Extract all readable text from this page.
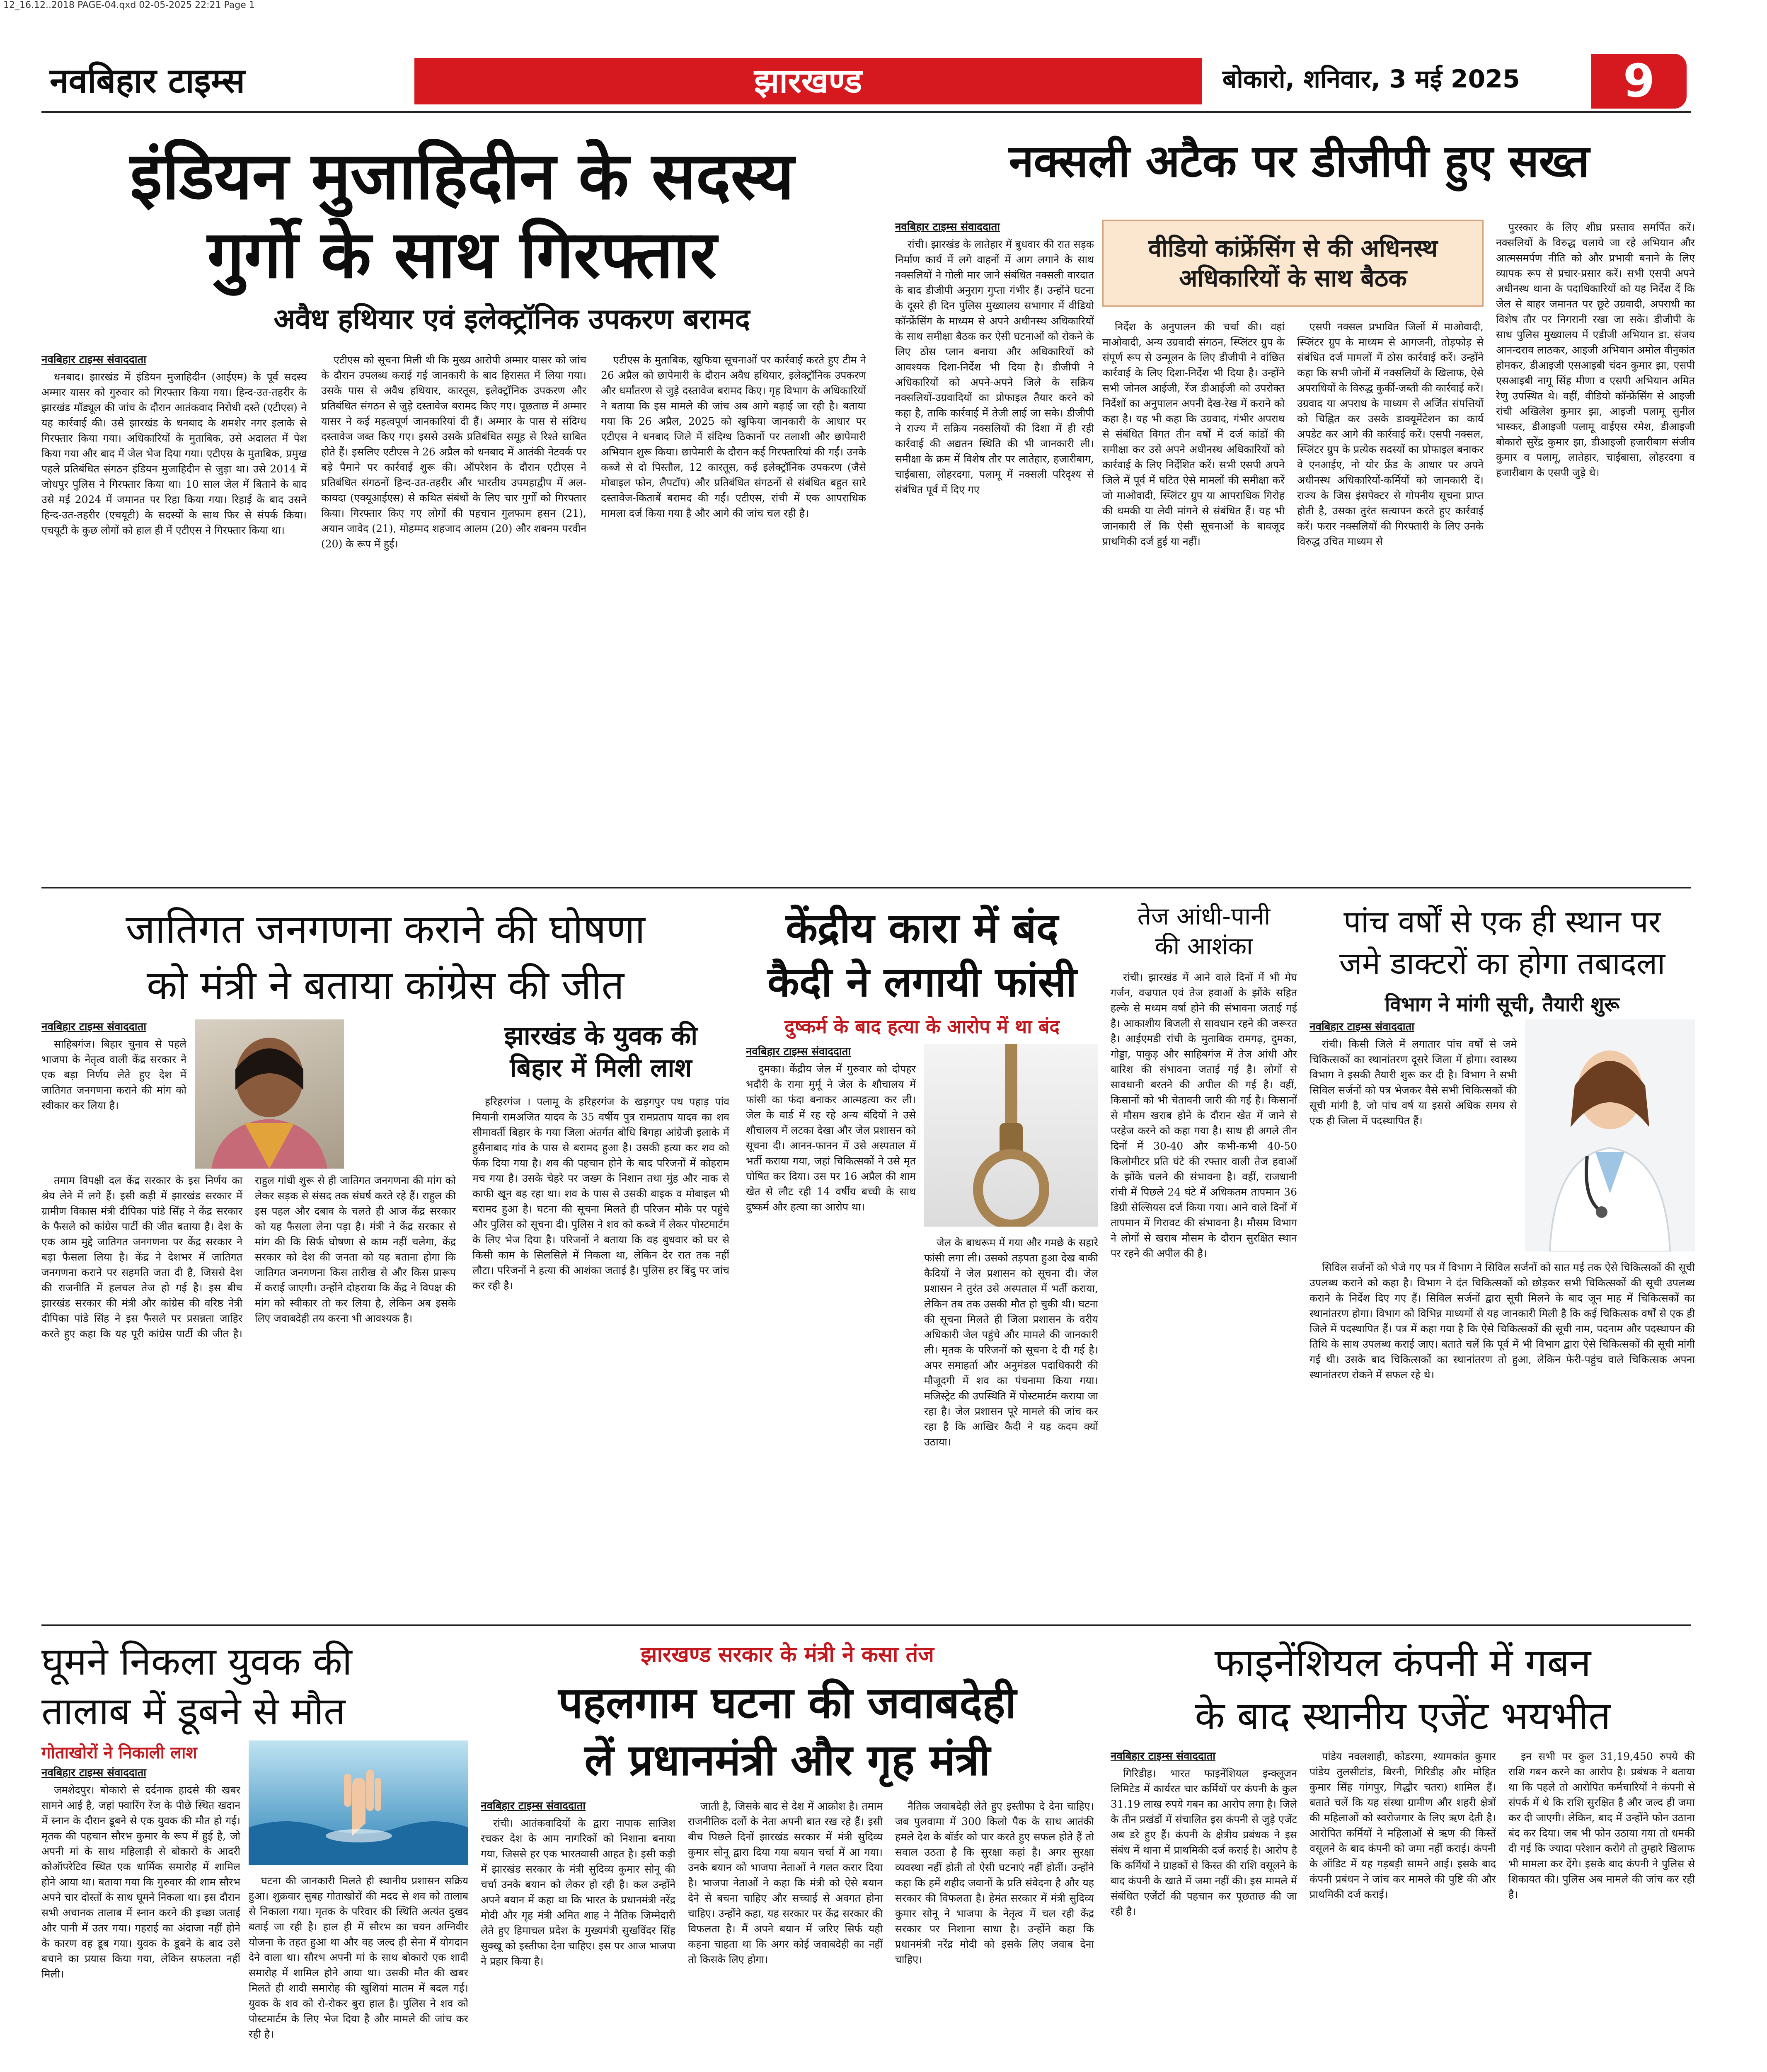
12_16.12..2018 PAGE-04.qxd 02-05-2025 22:21 Page 1
नवबिहार टाइम्स	झारखण्ड	बोकारो, शनिवार, 3 मई 2025 9
इंडियन मुजाहिदीन के सदस्य
गुर्गो के साथ गिरफ्तार
अवैध हथियार एवं इलेक्ट्रॉनिक उपकरण बरामद
नवबिहार टाइम्स संवाददाता

धनबाद। झारखंड में इंडियन मुजाहिदीन (आईएम) के पूर्व सदस्य अम्मार यासर को गुरुवार को गिरफ्तार किया गया। हिन्द-उत-तहरीर के झारखंड मॉड्यूल की जांच के दौरान आतंकवाद निरोधी दस्ते (एटीएस) ने यह कार्रवाई की। उसे झारखंड के धनबाद के शमशेर नगर इलाके से गिरफ्तार किया गया। अधिकारियों के मुताबिक, उसे अदालत में पेश किया गया और बाद में जेल भेज दिया गया। एटीएस के मुताबिक, प्रमुख पहले प्रतिबंधित संगठन इंडियन मुजाहिदीन से जुड़ा था। उसे 2014 में जोधपुर पुलिस ने गिरफ्तार किया था। 10 साल जेल में बिताने के बाद उसे मई 2024 में जमानत पर रिहा किया गया। रिहाई के बाद उसने हिन्द-उत-तहरीर (एचयूटी) के सदस्यों के साथ फिर से संपर्क किया। एचयूटी के कुछ लोगों को हाल ही में एटीएस ने गिरफ्तार किया था।

एटीएस को सूचना मिली थी कि मुख्य आरोपी अम्मार यासर को जांच के दौरान उपलब्ध कराई गई जानकारी के बाद हिरासत में लिया गया। उसके पास से अवैध हथियार, कारतूस, इलेक्ट्रॉनिक उपकरण और प्रतिबंधित संगठन से जुड़े दस्तावेज बरामद किए गए। पूछताछ में अम्मार यासर ने कई महत्वपूर्ण जानकारियां दी हैं। अम्मार के पास से संदिग्ध दस्तावेज जब्त किए गए। इससे उसके प्रतिबंधित समूह से रिश्ते साबित होते हैं। इसलिए एटीएस ने 26 अप्रैल को धनबाद में आतंकी नेटवर्क पर बड़े पैमाने पर कार्रवाई शुरू की। ऑपरेशन के दौरान एटीएस ने प्रतिबंधित संगठनों हिन्द-उत-तहरीर और भारतीय उपमहाद्वीप में अल-कायदा (एक्यूआईएस) से कथित संबंधों के लिए चार गुर्गों को गिरफ्तार किया। गिरफ्तार किए गए लोगों की पहचान गुलफाम हसन (21), अयान जावेद (21), मोहम्मद शहजाद आलम (20) और शबनम परवीन (20) के रूप में हुई।

एटीएस के मुताबिक, खुफिया सूचनाओं पर कार्रवाई करते हुए टीम ने 26 अप्रैल को छापेमारी के दौरान अवैध हथियार, इलेक्ट्रॉनिक उपकरण और धर्मांतरण से जुड़े दस्तावेज बरामद किए। गृह विभाग के अधिकारियों ने बताया कि इस मामले की जांच अब आगे बढ़ाई जा रही है। बताया गया कि 26 अप्रैल, 2025 को खुफिया जानकारी के आधार पर एटीएस ने धनबाद जिले में संदिग्ध ठिकानों पर तलाशी और छापेमारी अभियान शुरू किया। छापेमारी के दौरान कई गिरफ्तारियां की गईं। उनके कब्जे से दो पिस्तौल, 12 कारतूस, कई इलेक्ट्रॉनिक उपकरण (जैसे मोबाइल फोन, लैपटॉप) और प्रतिबंधित संगठनों से संबंधित बहुत सारे दस्तावेज-किताबें बरामद की गईं। एटीएस, रांची में एक आपराधिक मामला दर्ज किया गया है और आगे की जांच चल रही है।

नक्सली अटैक पर डीजीपी हुए सख्त
नवबिहार टाइम्स संवाददाता

रांची। झारखंड के लातेहार में बुधवार की रात सड़क निर्माण कार्य में लगे वाहनों में आग लगाने के साथ नक्सलियों ने गोली मार जाने संबंधित नक्सली वारदात के बाद डीजीपी अनुराग गुप्ता गंभीर हैं। उन्होंने घटना के दूसरे ही दिन पुलिस मुख्यालय सभागार में वीडियो कॉन्फ्रेंसिंग के माध्यम से अपने अधीनस्थ अधिकारियों के साथ समीक्षा बैठक कर ऐसी घटनाओं को रोकने के लिए ठोस प्लान बनाया और अधिकारियों को आवश्यक दिशा-निर्देश भी दिया है। डीजीपी ने अधिकारियों को अपने-अपने जिले के सक्रिय नक्सलियों-उग्रवादियों का प्रोफाइल तैयार करने को कहा है, ताकि कार्रवाई में तेजी लाई जा सके। डीजीपी ने राज्य में सक्रिय नक्सलियों की दिशा में ही रही कार्रवाई की अद्यतन स्थिति की भी जानकारी ली। समीक्षा के क्रम में विशेष तौर पर लातेहार, हजारीबाग, चाईबासा, लोहरदगा, पलामू में नक्सली परिदृश्य से संबंधित पूर्व में दिए गए

वीडियो कांफ्रेंसिंग से की अधिनस्थ अधिकारियों के साथ बैठक

निर्देश के अनुपालन की चर्चा की। वहां माओवादी, अन्य उग्रवादी संगठन, स्प्लिंटर ग्रुप के संपूर्ण रूप से उन्मूलन के लिए डीजीपी ने वांछित कार्रवाई के लिए दिशा-निर्देश भी दिया है। उन्होंने सभी जोनल आईजी, रेंज डीआईजी को उपरोक्त निर्देशों का अनुपालन अपनी देख-रेख में कराने को कहा है। यह भी कहा कि उग्रवाद, गंभीर अपराध से संबंधित विगत तीन वर्षों में दर्ज कांडों की समीक्षा कर उसे अपने अधीनस्थ अधिकारियों को कार्रवाई के लिए निर्देशित करें। सभी एसपी अपने जिले में पूर्व में घटित ऐसे मामलों की समीक्षा करें जो माओवादी, स्प्लिंटर ग्रुप या आपराधिक गिरोह की धमकी या लेवी मांगने से संबंधित हैं। यह भी जानकारी लें कि ऐसी सूचनाओं के बावजूद प्राथमिकी दर्ज हुई या नहीं।

एसपी नक्सल प्रभावित जिलों में माओवादी, स्प्लिंटर ग्रुप के माध्यम से आगजनी, तोड़फोड़ से संबंधित दर्ज मामलों में ठोस कार्रवाई करें। उन्होंने कहा कि सभी जोनों में नक्सलियों के खिलाफ, ऐसे अपराधियों के विरुद्ध कुर्की-जब्ती की कार्रवाई करें। उग्रवाद या अपराध के माध्यम से अर्जित संपत्तियों को चिह्नित कर उसके डाक्यूमेंटेशन का कार्य अपडेट कर आगे की कार्रवाई करें। एसपी नक्सल, स्प्लिंटर ग्रुप के प्रत्येक सदस्यों का प्रोफाइल बनाकर वे एनआईए, नो योर फ्रेंड के आधार पर अपने अधीनस्थ अधिकारियों-कर्मियों को जानकारी दें। राज्य के जिस इंसपेक्टर से गोपनीय सूचना प्राप्त होती है, उसका तुरंत सत्यापन करते हुए कार्रवाई करें। फरार नक्सलियों की गिरफ्तारी के लिए उनके विरुद्ध उचित माध्यम से

पुरस्कार के लिए शीघ्र प्रस्ताव समर्पित करें। नक्सलियों के विरुद्ध चलाये जा रहे अभियान और आत्मसमर्पण नीति को और प्रभावी बनाने के लिए व्यापक रूप से प्रचार-प्रसार करें। सभी एसपी अपने अधीनस्थ थाना के पदाधिकारियों को यह निर्देश दें कि जेल से बाहर जमानत पर छूटे उग्रवादी, अपराधी का विशेष तौर पर निगरानी रखा जा सके। डीजीपी के साथ पुलिस मुख्यालय में एडीजी अभियान डा. संजय आनन्दराव लाठकर, आइजी अभियान अमोल वीनुकांत होमकर, डीआइजी एसआइबी चंदन कुमार झा, एसपी एसआइबी नागू सिंह मीणा व एसपी अभियान अमित रेणु उपस्थित थे। वहीं, वीडियो कॉन्फ्रेंसिंग से आइजी रांची अखिलेश कुमार झा, आइजी पलामू सुनील भास्कर, डीआइजी पलामू वाईएस रमेश, डीआइजी बोकारो सुरेंद्र कुमार झा, डीआइजी हजारीबाग संजीव कुमार व पलामू, लातेहार, चाईबासा, लोहरदगा व हजारीबाग के एसपी जुड़े थे।

जातिगत जनगणना कराने की घोषणा
को मंत्री ने बताया कांग्रेस की जीत
नवबिहार टाइम्स संवाददाता

साहिबगंज। बिहार चुनाव से पहले भाजपा के नेतृत्व वाली केंद्र सरकार ने एक बड़ा निर्णय लेते हुए देश में जातिगत जनगणना कराने की मांग को स्वीकार कर लिया है।

तमाम विपक्षी दल केंद्र सरकार के इस निर्णय का श्रेय लेने में लगे हैं। इसी कड़ी में झारखंड सरकार में ग्रामीण विकास मंत्री दीपिका पांडे सिंह ने केंद्र सरकार के फैसले को कांग्रेस पार्टी की जीत बताया है। देश के एक आम मुद्दे जातिगत जनगणना पर केंद्र सरकार ने बड़ा फैसला लिया है। केंद्र ने देशभर में जातिगत जनगणना कराने पर सहमति जता दी है, जिससे देश की राजनीति में हलचल तेज हो गई है। इस बीच झारखंड सरकार की मंत्री और कांग्रेस की वरिष्ठ नेत्री दीपिका पांडे सिंह ने इस फैसले पर प्रसन्नता जाहिर करते हुए कहा कि यह पूरी कांग्रेस पार्टी की जीत है। राहुल गांधी शुरू से ही जातिगत जनगणना की मांग को लेकर सड़क से संसद तक संघर्ष करते रहे हैं। राहुल की इस पहल और दबाव के चलते ही आज केंद्र सरकार को यह फैसला लेना पड़ा है। मंत्री ने केंद्र सरकार से मांग की कि सिर्फ घोषणा से काम नहीं चलेगा, केंद्र सरकार को देश की जनता को यह बताना होगा कि जातिगत जनगणना किस तारीख से और किस प्रारूप में कराई जाएगी। उन्होंने दोहराया कि केंद्र ने विपक्ष की मांग को स्वीकार तो कर लिया है, लेकिन अब इसके लिए जवाबदेही तय करना भी आवश्यक है।

झारखंड के युवक की
बिहार में मिली लाश

हरिहरगंज । पलामू के हरिहरगंज के खड़गपुर पथ पहाड़ पांव मियानी रामअजित यादव के 35 वर्षीय पुत्र रामप्रताप यादव का शव सीमावर्ती बिहार के गया जिला अंतर्गत बोधि बिगहा आंग्रेजी इलाके में हुसैनाबाद गांव के पास से बरामद हुआ है। उसकी हत्या कर शव को फेंक दिया गया है। शव की पहचान होने के बाद परिजनों में कोहराम मच गया है। उसके चेहरे पर जख्म के निशान तथा मुंह और नाक से काफी खून बह रहा था। शव के पास से उसकी बाइक व मोबाइल भी बरामद हुआ है। घटना की सूचना मिलते ही परिजन मौके पर पहुंचे और पुलिस को सूचना दी। पुलिस ने शव को कब्जे में लेकर पोस्टमार्टम के लिए भेज दिया है। परिजनों ने बताया कि वह बुधवार को घर से किसी काम के सिलसिले में निकला था, लेकिन देर रात तक नहीं लौटा। परिजनों ने हत्या की आशंका जताई है। पुलिस हर बिंदु पर जांच कर रही है।

केंद्रीय कारा में बंद
कैदी ने लगायी फांसी
दुष्कर्म के बाद हत्या के आरोप में था बंद
नवबिहार टाइम्स संवाददाता

दुमका। केंद्रीय जेल में गुरुवार को दोपहर भदौरी के रामा मुर्मू ने जेल के शौचालय में फांसी का फंदा बनाकर आत्महत्या कर ली। जेल के वार्ड में रह रहे अन्य बंदियों ने उसे शौचालय में लटका देखा और जेल प्रशासन को सूचना दी। आनन-फानन में उसे अस्पताल में भर्ती कराया गया, जहां चिकित्सकों ने उसे मृत घोषित कर दिया। उस पर 16 अप्रैल की शाम खेत से लौट रही 14 वर्षीय बच्ची के साथ दुष्कर्म और हत्या का आरोप था।

जेल के बाथरूम में गया और गमछे के सहारे फांसी लगा ली। उसको तड़पता हुआ देख बाकी कैदियों ने जेल प्रशासन को सूचना दी। जेल प्रशासन ने तुरंत उसे अस्पताल में भर्ती कराया, लेकिन तब तक उसकी मौत हो चुकी थी। घटना की सूचना मिलते ही जिला प्रशासन के वरीय अधिकारी जेल पहुंचे और मामले की जानकारी ली। मृतक के परिजनों को सूचना दे दी गई है। अपर समाहर्ता और अनुमंडल पदाधिकारी की मौजूदगी में शव का पंचनामा किया गया। मजिस्ट्रेट की उपस्थिति में पोस्टमार्टम कराया जा रहा है। जेल प्रशासन पूरे मामले की जांच कर रहा है कि आखिर कैदी ने यह कदम क्यों उठाया।

तेज आंधी-पानी
की आशंका

रांची। झारखंड में आने वाले दिनों में भी मेघ गर्जन, वज्रपात एवं तेज हवाओं के झोंके सहित हल्के से मध्यम वर्षा होने की संभावना जताई गई है। आकाशीय बिजली से सावधान रहने की जरूरत है। आईएमडी रांची के मुताबिक रामगढ़, दुमका, गोड्डा, पाकुड़ और साहिबगंज में तेज आंधी और बारिश की संभावना जताई गई है। लोगों से सावधानी बरतने की अपील की गई है। वहीं, किसानों को भी चेतावनी जारी की गई है। किसानों से मौसम खराब होने के दौरान खेत में जाने से परहेज करने को कहा गया है। साथ ही अगले तीन दिनों में 30-40 और कभी-कभी 40-50 किलोमीटर प्रति घंटे की रफ्तार वाली तेज हवाओं के झोंके चलने की संभावना है। वहीं, राजधानी रांची में पिछले 24 घंटे में अधिकतम तापमान 36 डिग्री सेल्सियस दर्ज किया गया। आने वाले दिनों में तापमान में गिरावट की संभावना है। मौसम विभाग ने लोगों से खराब मौसम के दौरान सुरक्षित स्थान पर रहने की अपील की है।

पांच वर्षों से एक ही स्थान पर
जमे डाक्टरों का होगा तबादला
विभाग ने मांगी सूची, तैयारी शुरू
नवबिहार टाइम्स संवाददाता

रांची। किसी जिले में लगातार पांच वर्षों से जमे चिकित्सकों का स्थानांतरण दूसरे जिला में होगा। स्वास्थ्य विभाग ने इसकी तैयारी शुरू कर दी है। विभाग ने सभी सिविल सर्जनों को पत्र भेजकर वैसे सभी चिकित्सकों की सूची मांगी है, जो पांच वर्ष या इससे अधिक समय से एक ही जिला में पदस्थापित हैं।

सिविल सर्जनों को भेजे गए पत्र में विभाग ने सिविल सर्जनों को सात मई तक ऐसे चिकित्सकों की सूची उपलब्ध कराने को कहा है। विभाग ने दंत चिकित्सकों को छोड़कर सभी चिकित्सकों की सूची उपलब्ध कराने के निर्देश दिए गए हैं। सिविल सर्जनों द्वारा सूची मिलने के बाद जून माह में चिकित्सकों का स्थानांतरण होगा। विभाग को विभिन्न माध्यमों से यह जानकारी मिली है कि कई चिकित्सक वर्षों से एक ही जिले में पदस्थापित हैं। पत्र में कहा गया है कि ऐसे चिकित्सकों की सूची नाम, पदनाम और पदस्थापन की तिथि के साथ उपलब्ध कराई जाए। बताते चलें कि पूर्व में भी विभाग द्वारा ऐसे चिकित्सकों की सूची मांगी गई थी। उसके बाद चिकित्सकों का स्थानांतरण तो हुआ, लेकिन फेरी-पहुंच वाले चिकित्सक अपना स्थानांतरण रोकने में सफल रहे थे।

घूमने निकला युवक की
तालाब में डूबने से मौत
गोताखोरों ने निकाली लाश
नवबिहार टाइम्स संवाददाता

जमशेदपुर। बोकारो से दर्दनाक हादसे की खबर सामने आई है, जहां फ्वारिंग रेंज के पीछे स्थित खदान में स्नान के दौरान डूबने से एक युवक की मौत हो गई। मृतक की पहचान सौरभ कुमार के रूप में हुई है, जो अपनी मां के साथ महिलाड़ी से बोकारो के आदरी कोऑपरेटिव स्थित एक धार्मिक समारोह में शामिल होने आया था। बताया गया कि गुरुवार की शाम सौरभ अपने चार दोस्तों के साथ घूमने निकला था। इस दौरान सभी अचानक तालाब में स्नान करने की इच्छा जताई और पानी में उतर गया। गहराई का अंदाजा नहीं होने के कारण वह डूब गया। युवक के डूबने के बाद उसे बचाने का प्रयास किया गया, लेकिन सफलता नहीं मिली।

घटना की जानकारी मिलते ही स्थानीय प्रशासन सक्रिय हुआ। शुक्रवार सुबह गोताखोरों की मदद से शव को तालाब से निकाला गया। मृतक के परिवार की स्थिति अत्यंत दुखद बताई जा रही है। हाल ही में सौरभ का चयन अग्निवीर योजना के तहत हुआ था और वह जल्द ही सेना में योगदान देने वाला था। सौरभ अपनी मां के साथ बोकारो एक शादी समारोह में शामिल होने आया था। उसकी मौत की खबर मिलते ही शादी समारोह की खुशियां मातम में बदल गई। युवक के शव को रो-रोकर बुरा हाल है। पुलिस ने शव को पोस्टमार्टम के लिए भेज दिया है और मामले की जांच कर रही है।

झारखण्ड सरकार के मंत्री ने कसा तंज
पहलगाम घटना की जवाबदेही
लें प्रधानमंत्री और गृह मंत्री
नवबिहार टाइम्स संवाददाता

रांची। आतंकवादियों के द्वारा नापाक साजिश रचकर देश के आम नागरिकों को निशाना बनाया गया, जिससे हर एक भारतवासी आहत है। इसी कड़ी में झारखंड सरकार के मंत्री सुदिव्य कुमार सोनू की चर्चा उनके बयान को लेकर हो रही है। कल उन्होंने अपने बयान में कहा था कि भारत के प्रधानमंत्री नरेंद्र मोदी और गृह मंत्री अमित शाह ने नैतिक जिम्मेदारी लेते हुए हिमाचल प्रदेश के मुख्यमंत्री सुखविंदर सिंह सुक्खू को इस्तीफा देना चाहिए। इस पर आज भाजपा ने प्रहार किया है।

जाती है, जिसके बाद से देश में आक्रोश है। तमाम राजनीतिक दलों के नेता अपनी बात रख रहे हैं। इसी बीच पिछले दिनों झारखंड सरकार में मंत्री सुदिव्य कुमार सोनू द्वारा दिया गया बयान चर्चा में आ गया। उनके बयान को भाजपा नेताओं ने गलत करार दिया है। भाजपा नेताओं ने कहा कि मंत्री को ऐसे बयान देने से बचना चाहिए और सच्चाई से अवगत होना चाहिए। उन्होंने कहा, यह सरकार पर केंद्र सरकार की विफलता है। मैं अपने बयान में जरिए सिर्फ यही कहना चाहता था कि अगर कोई जवाबदेही का नहीं तो किसके लिए होगा।

नैतिक जवाबदेही लेते हुए इस्तीफा दे देना चाहिए। जब पुलवामा में 300 किलो पैक के साथ आतंकी हमले देश के बॉर्डर को पार करते हुए सफल होते हैं तो सवाल उठता है कि सुरक्षा कहां है। अगर सुरक्षा व्यवस्था नहीं होती तो ऐसी घटनाएं नहीं होतीं। उन्होंने कहा कि हमें शहीद जवानों के प्रति संवेदना है और यह सरकार की विफलता है। हेमंत सरकार में मंत्री सुदिव्य कुमार सोनू ने भाजपा के नेतृत्व में चल रही केंद्र सरकार पर निशाना साधा है। उन्होंने कहा कि प्रधानमंत्री नरेंद्र मोदी को इसके लिए जवाब देना चाहिए।

फाइनेंशियल कंपनी में गबन
के बाद स्थानीय एजेंट भयभीत
नवबिहार टाइम्स संवाददाता

गिरिडीह। भारत फाइनेंशियल इन्क्लूजन लिमिटेड में कार्यरत चार कर्मियों पर कंपनी के कुल 31.19 लाख रुपये गबन का आरोप लगा है। जिले के तीन प्रखंडों में संचालित इस कंपनी से जुड़े एजेंट अब डरे हुए हैं। कंपनी के क्षेत्रीय प्रबंधक ने इस संबंध में थाना में प्राथमिकी दर्ज कराई है। आरोप है कि कर्मियों ने ग्राहकों से किस्त की राशि वसूलने के बाद कंपनी के खाते में जमा नहीं की। इस मामले में संबंधित एजेंटों की पहचान कर पूछताछ की जा रही है।

पांडेय नवलशाही, कोडरमा, श्यामकांत कुमार पांडेय तुलसीटांड, बिरनी, गिरिडीह और मोहित कुमार सिंह गांगपुर, गिद्धौर चतरा) शामिल हैं। बताते चलें कि यह संस्था ग्रामीण और शहरी क्षेत्रों की महिलाओं को स्वरोजगार के लिए ऋण देती है। आरोपित कर्मियों ने महिलाओं से ऋण की किस्तें वसूलने के बाद कंपनी को जमा नहीं कराई। कंपनी के ऑडिट में यह गड़बड़ी सामने आई। इसके बाद कंपनी प्रबंधन ने जांच कर मामले की पुष्टि की और प्राथमिकी दर्ज कराई।

इन सभी पर कुल 31,19,450 रुपये की राशि गबन करने का आरोप है। प्रबंधक ने बताया था कि पहले तो आरोपित कर्मचारियों ने कंपनी से संपर्क में थे कि राशि सुरक्षित है और जल्द ही जमा कर दी जाएगी। लेकिन, बाद में उन्होंने फोन उठाना बंद कर दिया। जब भी फोन उठाया गया तो धमकी दी गई कि ज्यादा परेशान करोगे तो तुम्हारे खिलाफ भी मामला कर देंगे। इसके बाद कंपनी ने पुलिस से शिकायत की। पुलिस अब मामले की जांच कर रही है।
